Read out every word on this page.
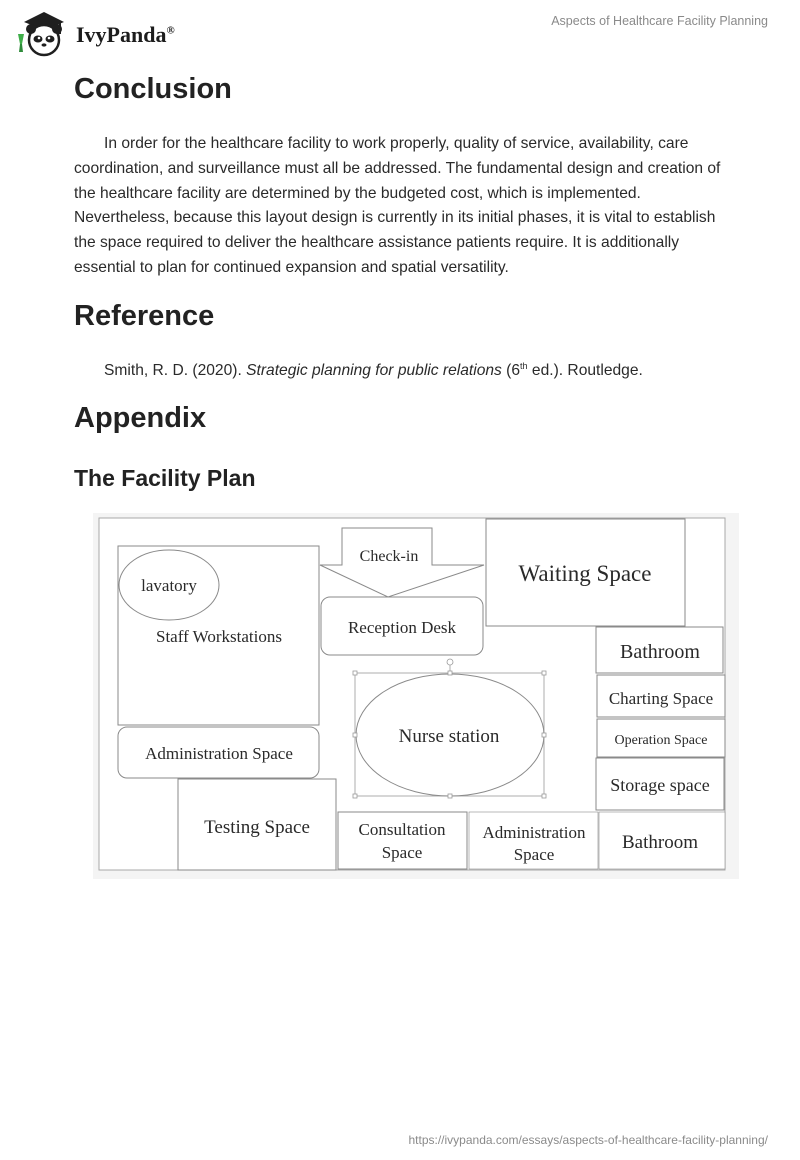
IvyPanda®
Aspects of Healthcare Facility Planning
Conclusion

In order for the healthcare facility to work properly, quality of service, availability, care coordination, and surveillance must all be addressed. The fundamental design and creation of the healthcare facility are determined by the budgeted cost, which is implemented. Nevertheless, because this layout design is currently in its initial phases, it is vital to establish the space required to deliver the healthcare assistance patients require. It is additionally essential to plan for continued expansion and spatial versatility.

Reference

Smith, R. D. (2020). Strategic planning for public relations (6th ed.). Routledge.

Appendix
The Facility Plan
Check-in
Waiting Space
lavatory
Staff Workstations	Reception Desk
Bathroom
Charting Space
Operation Space
Nurse station
Administration Space
Storage space
Testing Space	Consultation
Space
Administration
Space
Bathroom
https://ivypanda.com/essays/aspects-of-healthcare-facility-planning/
